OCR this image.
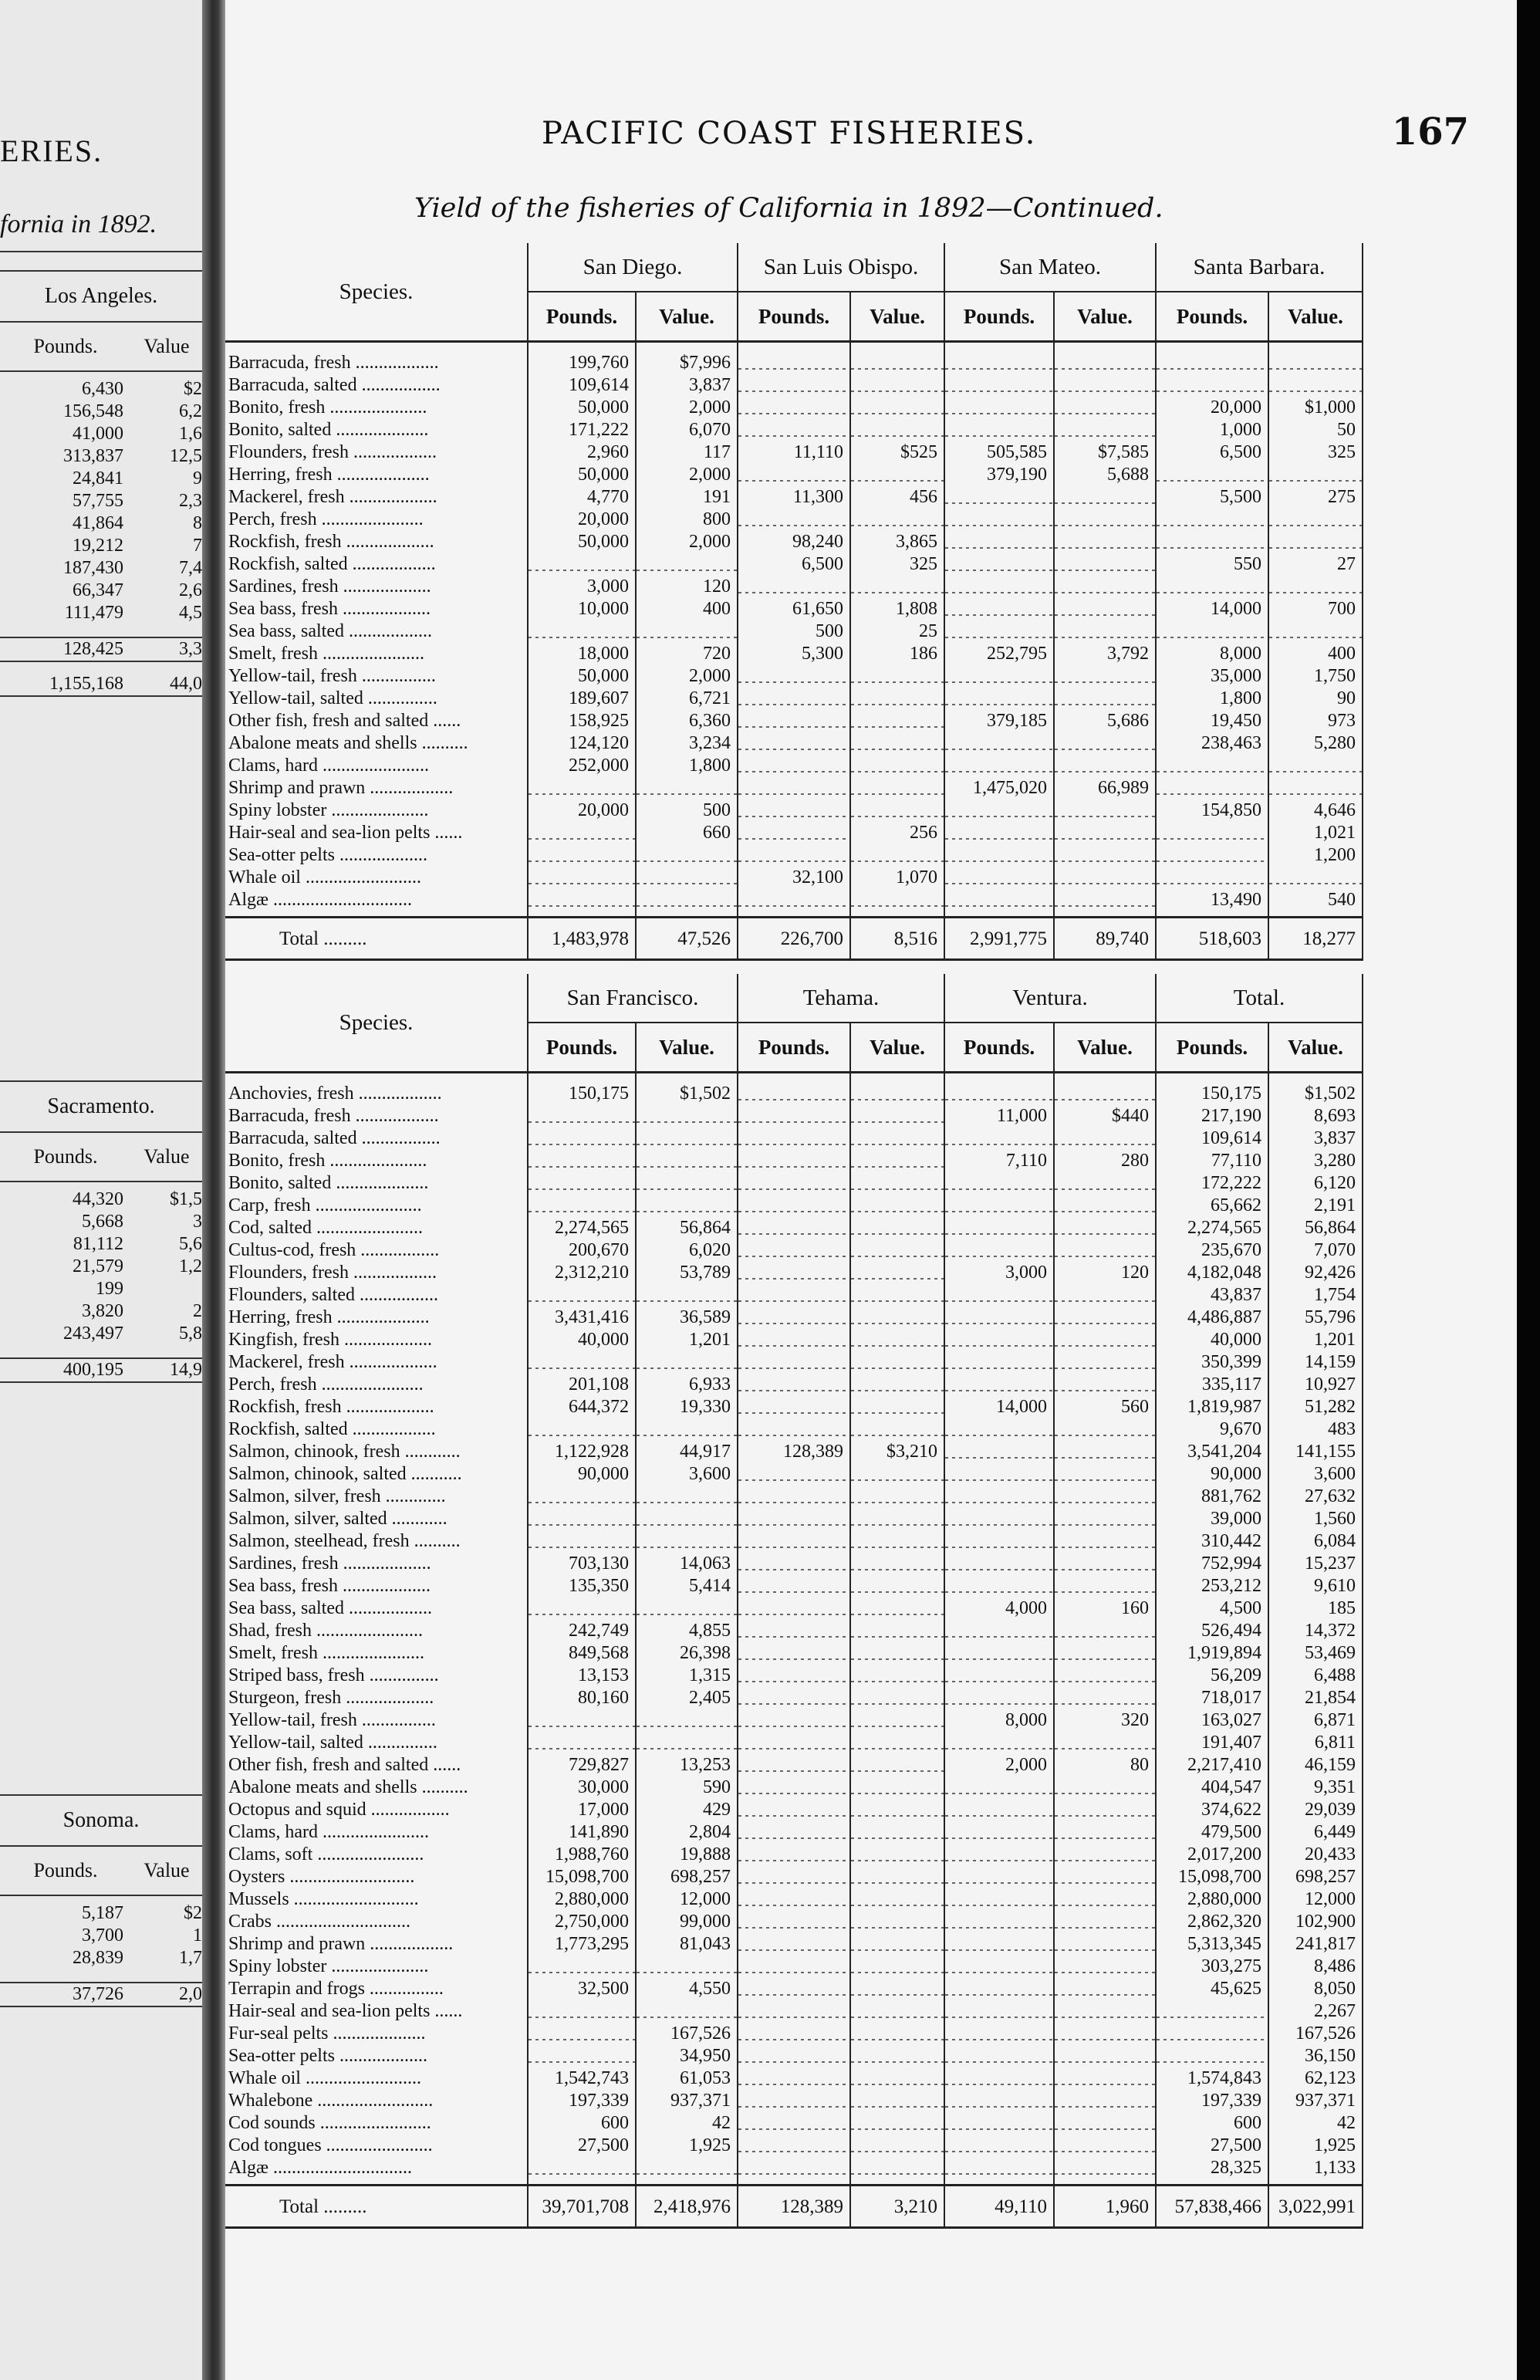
ERIES.
fornia in 1892.
Los Angeles.
Pounds.	Value
6,430	$2
156,548	6,2
41,000	1,6
313,837	12,5
24,841	9
57,755	2,3
41,864	8
19,212	7
187,430	7,4
66,347	2,6
111,479	4,5
128,425	3,3
1,155,168	44,0
Sacramento.
Pounds.	Value
44,320	$1,5
5,668	3
81,112	5,6
21,579	1,2
199
3,820	2
243,497	5,8
400,195	14,9
Sonoma.
Pounds.	Value
5,187	$2
3,700	1
28,839	1,7
37,726	2,0
PACIFIC COAST FISHERIES.	167
Yield of the fisheries of California in 1892—Continued.
Species.	San Diego.		San Luis Obispo.		San Mateo.		Santa Barbara.	
	Pounds.	Value.	Pounds.	Value.	Pounds.	Value.	Pounds.	Value.

Barracuda, fresh ..................	199,760	$7,996						
Barracuda, salted .................	109,614	3,837						
Bonito, fresh .....................	50,000	2,000					20,000	$1,000
Bonito, salted ....................	171,222	6,070					1,000	50
Flounders, fresh ..................	2,960	117	11,110	$525	505,585	$7,585	6,500	325
Herring, fresh ....................	50,000	2,000			379,190	5,688		
Mackerel, fresh ...................	4,770	191	11,300	456			5,500	275
Perch, fresh ......................	20,000	800						
Rockfish, fresh ...................	50,000	2,000	98,240	3,865				
Rockfish, salted ..................			6,500	325			550	27
Sardines, fresh ...................	3,000	120						
Sea bass, fresh ...................	10,000	400	61,650	1,808			14,000	700
Sea bass, salted ..................			500	25				
Smelt, fresh ......................	18,000	720	5,300	186	252,795	3,792	8,000	400
Yellow-tail, fresh ................	50,000	2,000					35,000	1,750
Yellow-tail, salted ...............	189,607	6,721					1,800	90
Other fish, fresh and salted ......	158,925	6,360			379,185	5,686	19,450	973
Abalone meats and shells ..........	124,120	3,234					238,463	5,280
Clams, hard .......................	252,000	1,800						
Shrimp and prawn ..................					1,475,020	66,989		
Spiny lobster .....................	20,000	500					154,850	4,646
Hair-seal and sea-lion pelts ......		660		256				1,021
Sea-otter pelts ...................								1,200
Whale oil .........................			32,100	1,070				
Algæ ..............................							13,490	540

Total .........	1,483,978	47,526	226,700	8,516	2,991,775	89,740	518,603	18,277
Species.	San Francisco.		Tehama.		Ventura.		Total.	
	Pounds.	Value.	Pounds.	Value.	Pounds.	Value.	Pounds.	Value.

Anchovies, fresh ..................	150,175	$1,502					150,175	$1,502
Barracuda, fresh ..................					11,000	$440	217,190	8,693
Barracuda, salted .................							109,614	3,837
Bonito, fresh .....................					7,110	280	77,110	3,280
Bonito, salted ....................							172,222	6,120
Carp, fresh .......................							65,662	2,191
Cod, salted .......................	2,274,565	56,864					2,274,565	56,864
Cultus-cod, fresh .................	200,670	6,020					235,670	7,070
Flounders, fresh ..................	2,312,210	53,789			3,000	120	4,182,048	92,426
Flounders, salted .................							43,837	1,754
Herring, fresh ....................	3,431,416	36,589					4,486,887	55,796
Kingfish, fresh ...................	40,000	1,201					40,000	1,201
Mackerel, fresh ...................							350,399	14,159
Perch, fresh ......................	201,108	6,933					335,117	10,927
Rockfish, fresh ...................	644,372	19,330			14,000	560	1,819,987	51,282
Rockfish, salted ..................							9,670	483
Salmon, chinook, fresh ............	1,122,928	44,917	128,389	$3,210			3,541,204	141,155
Salmon, chinook, salted ...........	90,000	3,600					90,000	3,600
Salmon, silver, fresh .............							881,762	27,632
Salmon, silver, salted ............							39,000	1,560
Salmon, steelhead, fresh ..........							310,442	6,084
Sardines, fresh ...................	703,130	14,063					752,994	15,237
Sea bass, fresh ...................	135,350	5,414					253,212	9,610
Sea bass, salted ..................					4,000	160	4,500	185
Shad, fresh .......................	242,749	4,855					526,494	14,372
Smelt, fresh ......................	849,568	26,398					1,919,894	53,469
Striped bass, fresh ...............	13,153	1,315					56,209	6,488
Sturgeon, fresh ...................	80,160	2,405					718,017	21,854
Yellow-tail, fresh ................					8,000	320	163,027	6,871
Yellow-tail, salted ...............							191,407	6,811
Other fish, fresh and salted ......	729,827	13,253			2,000	80	2,217,410	46,159
Abalone meats and shells ..........	30,000	590					404,547	9,351
Octopus and squid .................	17,000	429					374,622	29,039
Clams, hard .......................	141,890	2,804					479,500	6,449
Clams, soft .......................	1,988,760	19,888					2,017,200	20,433
Oysters ...........................	15,098,700	698,257					15,098,700	698,257
Mussels ...........................	2,880,000	12,000					2,880,000	12,000
Crabs .............................	2,750,000	99,000					2,862,320	102,900
Shrimp and prawn ..................	1,773,295	81,043					5,313,345	241,817
Spiny lobster .....................							303,275	8,486
Terrapin and frogs ................	32,500	4,550					45,625	8,050
Hair-seal and sea-lion pelts ......								2,267
Fur-seal pelts ....................		167,526						167,526
Sea-otter pelts ...................		34,950						36,150
Whale oil .........................	1,542,743	61,053					1,574,843	62,123
Whalebone .........................	197,339	937,371					197,339	937,371
Cod sounds ........................	600	42					600	42
Cod tongues .......................	27,500	1,925					27,500	1,925
Algæ ..............................							28,325	1,133

Total .........	39,701,708	2,418,976	128,389	3,210	49,110	1,960	57,838,466	3,022,991
